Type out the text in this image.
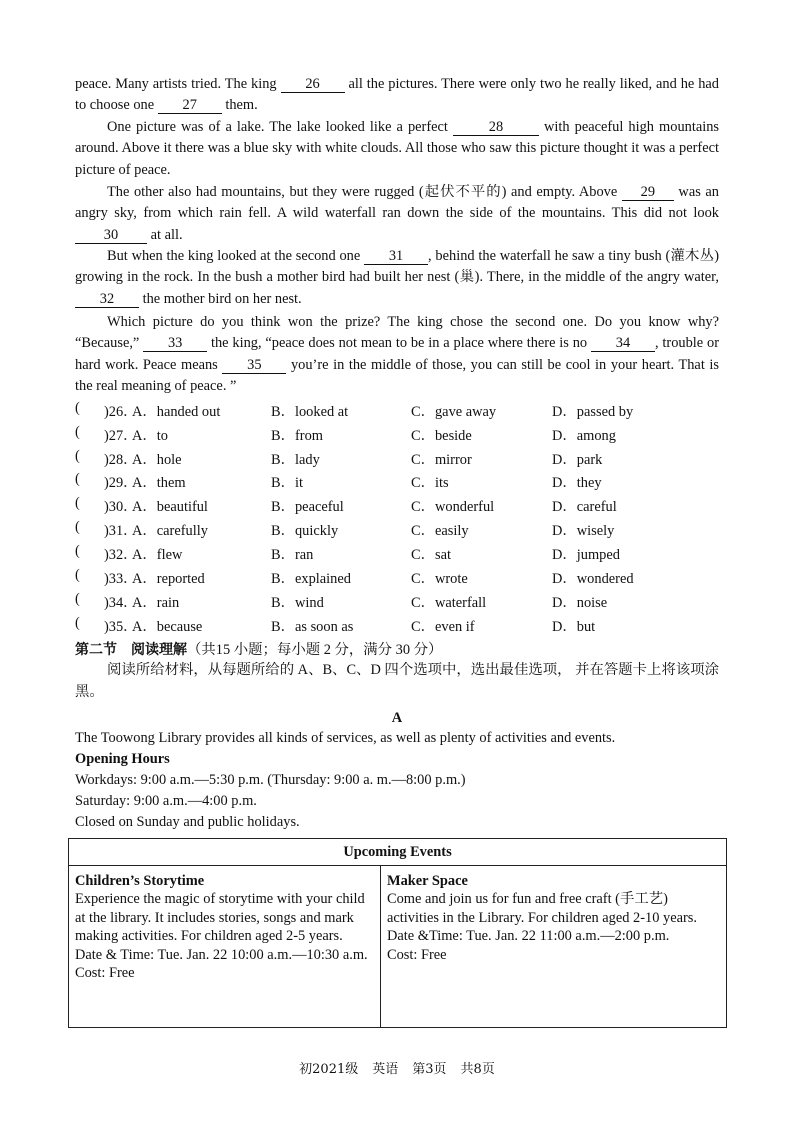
peace. Many artists tried. The king 26 all the pictures. There were only two he really liked, and he had to choose one 27 them.
One picture was of a lake. The lake looked like a perfect 28 with peaceful high mountains around. Above it there was a blue sky with white clouds. All those who saw this picture thought it was a perfect picture of peace.
The other also had mountains, but they were rugged (起伏不平的) and empty. Above 29 was an angry sky, from which rain fell. A wild waterfall ran down the side of the mountains. This did not look 30 at all.
But when the king looked at the second one 31 , behind the waterfall he saw a tiny bush (灌木丛) growing in the rock. In the bush a mother bird had built her nest (巢). There, in the middle of the angry water, 32 the mother bird on her nest.
Which picture do you think won the prize? The king chose the second one. Do you know why? “Because,” 33 the king, “peace does not mean to be in a place where there is no 34 , trouble or hard work. Peace means 35 you’re in the middle of those, you can still be cool in your heart. That is the real meaning of peace. ”
( )26．
A．handed out	B．looked at	C．gave away	D．passed by
( )27．
A．to	B．from	C．beside	D．among
( )28．
A．hole	B．lady	C．mirror	D．park
( )29．
A．them	B．it	C．its	D．they
( )30．
A．beautiful	B．peaceful	C．wonderful	D．careful
( )31．
A．carefully	B．quickly	C．easily	D．wisely
( )32．
A．flew	B．ran	C．sat	D．jumped
( )33．
A．reported	B．explained	C．wrote	D．wondered
( )34．
A．rain	B．wind	C．waterfall	D．noise
( )35．
A．because	B．as soon as	C．even if	D．but
第二节　阅读理解（共15 小题；每小题 2 分，满分 30 分）
阅读所给材料，从每题所给的 A、B、C、D 四个选项中，选出最佳选项， 并在答题卡上将该项涂黑。
A
The Toowong Library provides all kinds of services, as well as plenty of activities and events.
Opening Hours
Workdays: 9:00 a.m.—5:30 p.m. (Thursday: 9:00 a. m.—8:00 p.m.)
Saturday: 9:00 a.m.—4:00 p.m.
Closed on Sunday and public holidays.
Upcoming Events

Children’s Storytime
Experience the magic of storytime with your child at the library. It includes stories, songs and mark making activities. For children aged 2-5 years.
Date & Time: Tue. Jan. 22 10:00 a.m.—10:30 a.m.
Cost: Free	
Maker Space
Come and join us for fun and free craft (手工艺) activities in the Library. For children aged 2-10 years.
Date &Time: Tue. Jan. 22 11:00 a.m.—2:00 p.m.
Cost: Free
初2021级 英语 第3页 共8页
